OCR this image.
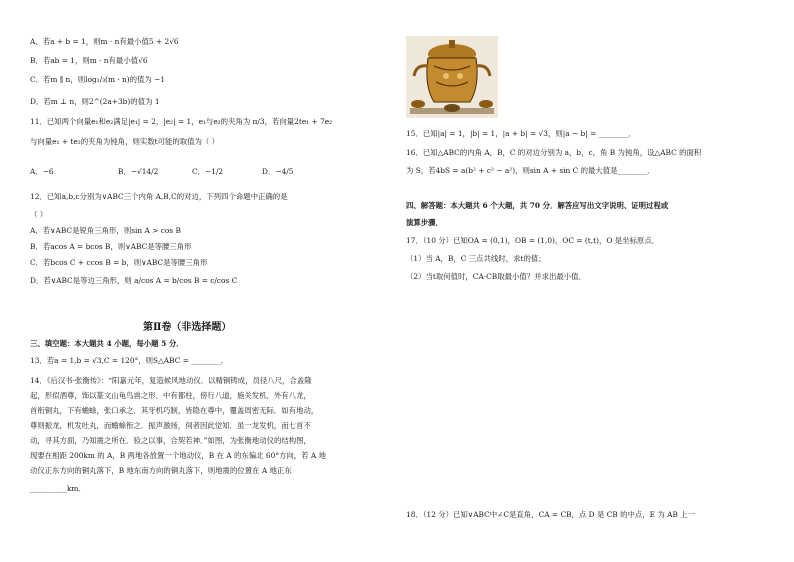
A．若a + b = 1，则m · n有最小值5 + 2√6
B．若ab = 1，则m · n有最小值√6
C．若m ∥ n，则log₁/₃(m · n)的值为 −1
D．若m ⊥ n，则2^(2a+3b)的值为 1
11．已知两个向量e₁和e₂满足|e₁| = 2，|e₂| = 1，e₁与e₂的夹角为 π/3，若向量2te₁ + 7e₂
与向量e₁ + te₂的夹角为钝角，则实数t可能的取值为（ ）
A．−6	B．−√14/2	C．−1/2	D．−4/5
12．已知a,b,c分别为∨ABC三个内角 A,B,C的对边，下列四个命题中正确的是
（ ）
A．若∨ABC是锐角三角形，则sin A > cos B
B．若acos A = bcos B，则∨ABC是等腰三角形
C．若bcos C + ccos B = b，则∨ABC是等腰三角形
D．若∨ABC是等边三角形，则 a/cos A = b/cos B = c/cos C
第Ⅱ卷（非选择题）
三、填空题：本大题共 4 小题，每小题 5 分．
13．若a = 1,b = √3,C = 120°，则S△ABC = ________．
14．《后汉书·张衡传》：“阳嘉元年，复造候风地动仪．以精铜铸成，员径八尺，合盖隆
起，形似酒尊，饰以篆文山龟鸟兽之形．中有都柱，傍行八道，施关发机．外有八龙，
首衔铜丸，下有蟾蜍，张口承之．其牙机巧制，皆隐在尊中，覆盖周密无际．如有地动，
尊则振龙，机发吐丸，而蟾蜍衔之．振声激扬，伺者因此觉知．虽一龙发机，而七首不
动，寻其方面，乃知震之所在．验之以事，合契若神．”如图，为张衡地动仪的结构图，
现要在相距 200km 的 A，B 两地各放置一个地动仪，B 在 A 的东偏北 60°方向，若 A 地
动仪正东方向的铜丸落下，B 地东南方向的铜丸落下，则地震的位置在 A 地正东
__________km．
15．已知|a| = 1，|b| = 1，|a + b| = √3，则|a − b| = ________．
16．已知△ABC的内角 A，B，C 的对边分别为 a，b，c，角 B 为钝角，设△ABC 的面积
为 S，若4bS = a(b² + c² − a²)，则sin A + sin C 的最大值是________．
四、解答题：本大题共 6 个大题，共 70 分．解答应写出文字说明、证明过程或
演算步骤．
17．（10 分）已知OA = (0,1)，OB = (1,0)，OC = (t,t)，O 是坐标原点．
（1）当 A，B，C 三点共线时，求t的值；
（2）当t取何值时，CA·CB取最小值？并求出最小值．
18．（12 分）已知∨ABC中∠C是直角，CA = CB，点 D 是 CB 的中点，E 为 AB 上一
